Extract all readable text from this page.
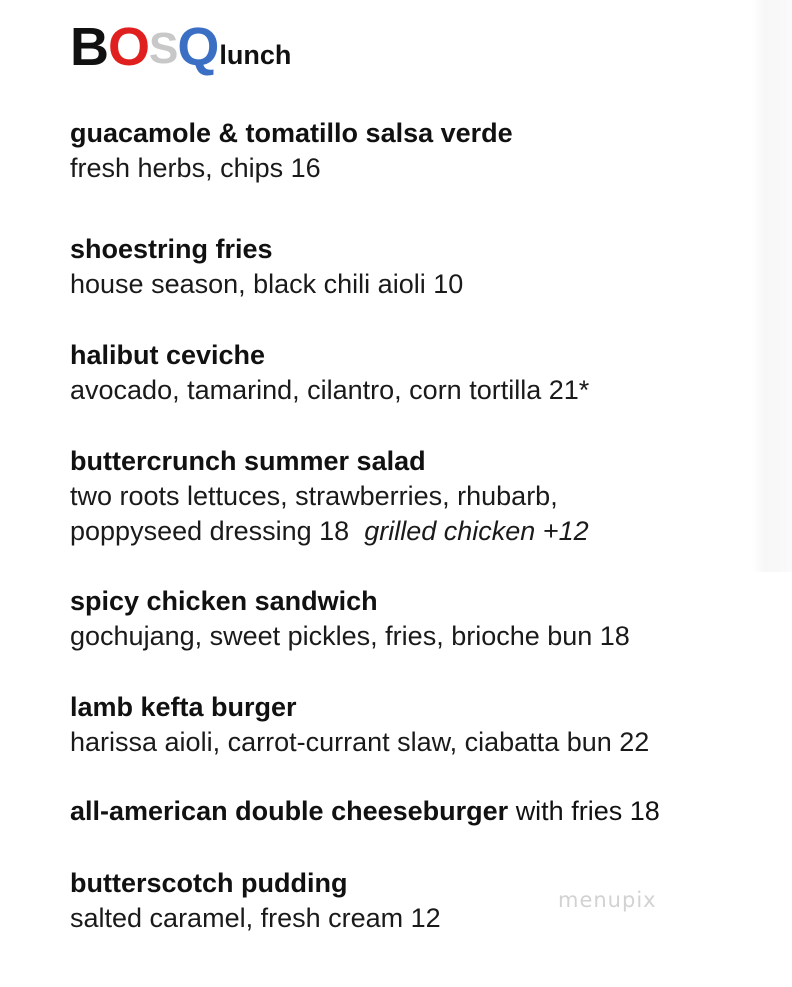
B O S Q lunch
guacamole & tomatillo salsa verde
fresh herbs, chips 16
shoestring fries
house season, black chili aioli 10
halibut ceviche
avocado, tamarind, cilantro, corn tortilla 21*
buttercrunch summer salad
two roots lettuces, strawberries, rhubarb,
poppyseed dressing 18 grilled chicken +12
spicy chicken sandwich
gochujang, sweet pickles, fries, brioche bun 18
lamb kefta burger
harissa aioli, carrot-currant slaw, ciabatta bun 22
all-american double cheeseburger with fries 18
butterscotch pudding
salted caramel, fresh cream 12
menupix
